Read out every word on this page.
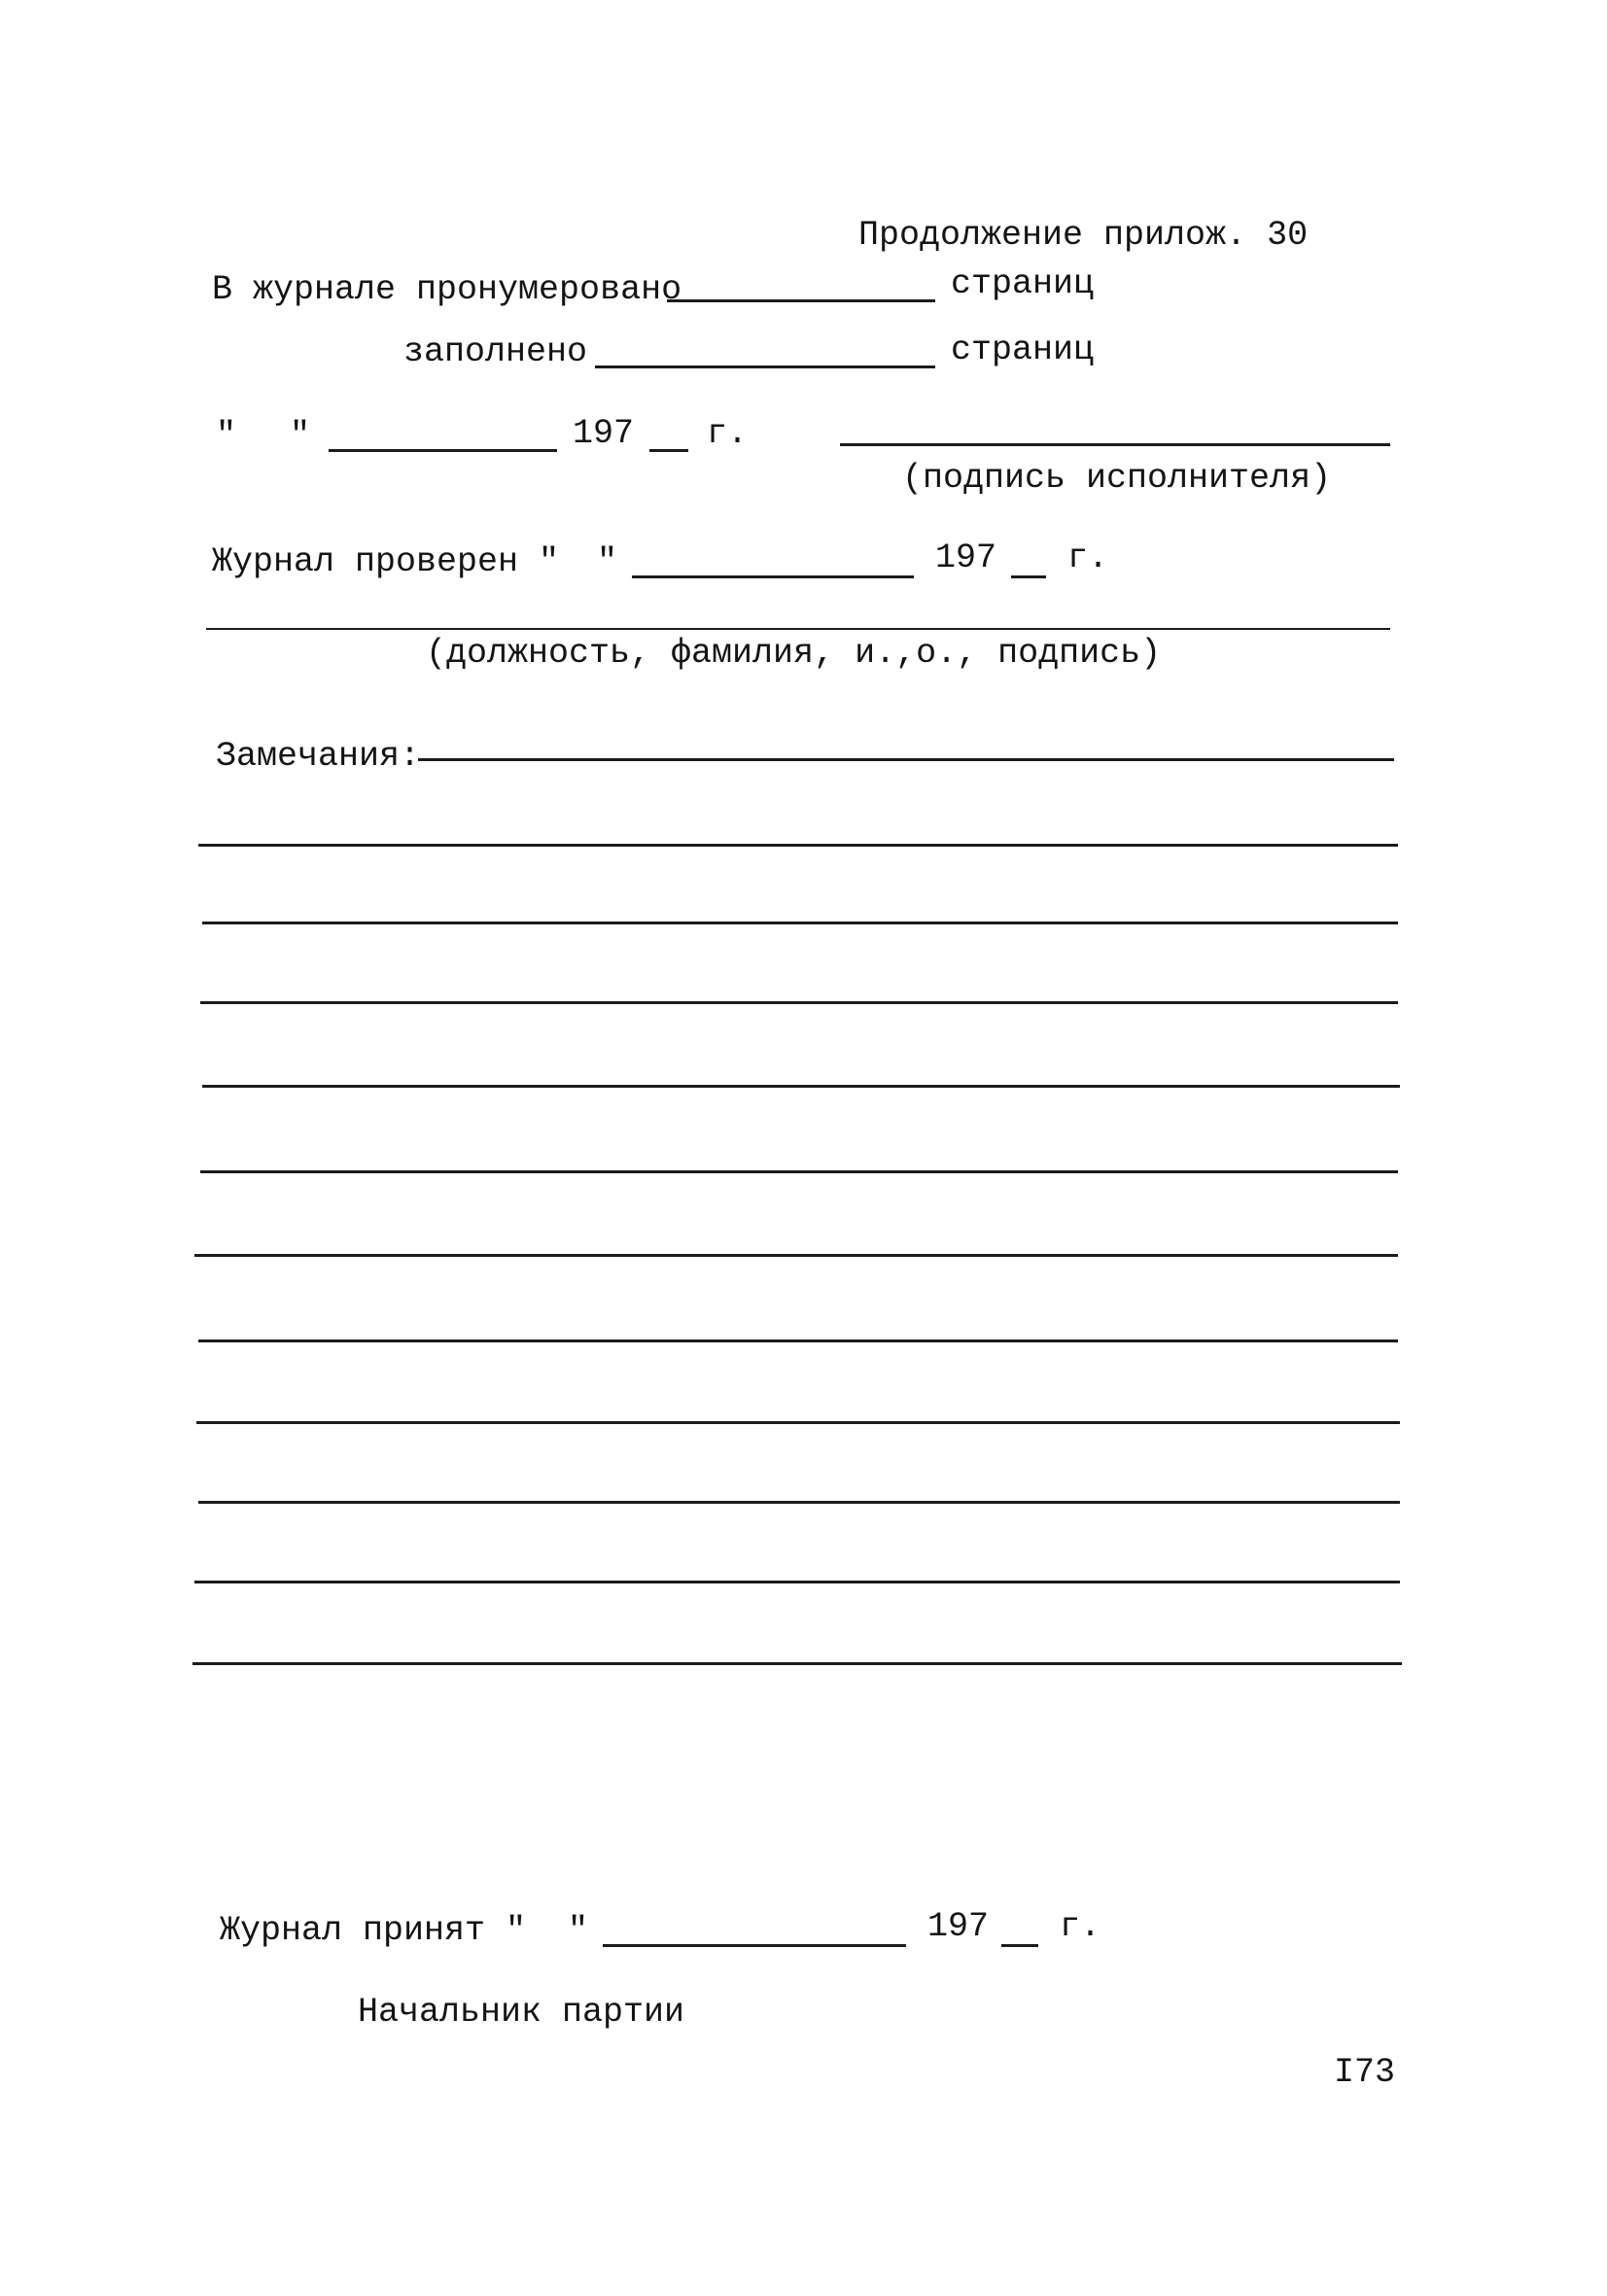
Продолжение прилож. 30
В журнале пронумеровано	страниц
заполнено	страниц
" "	197 г.
(подпись исполнителя)
Журнал проверен " "	197 г.
(должность, фамилия, и.,о., подпись)
Замечания:
Журнал принят " "	197 г.
Начальник партии
I73
